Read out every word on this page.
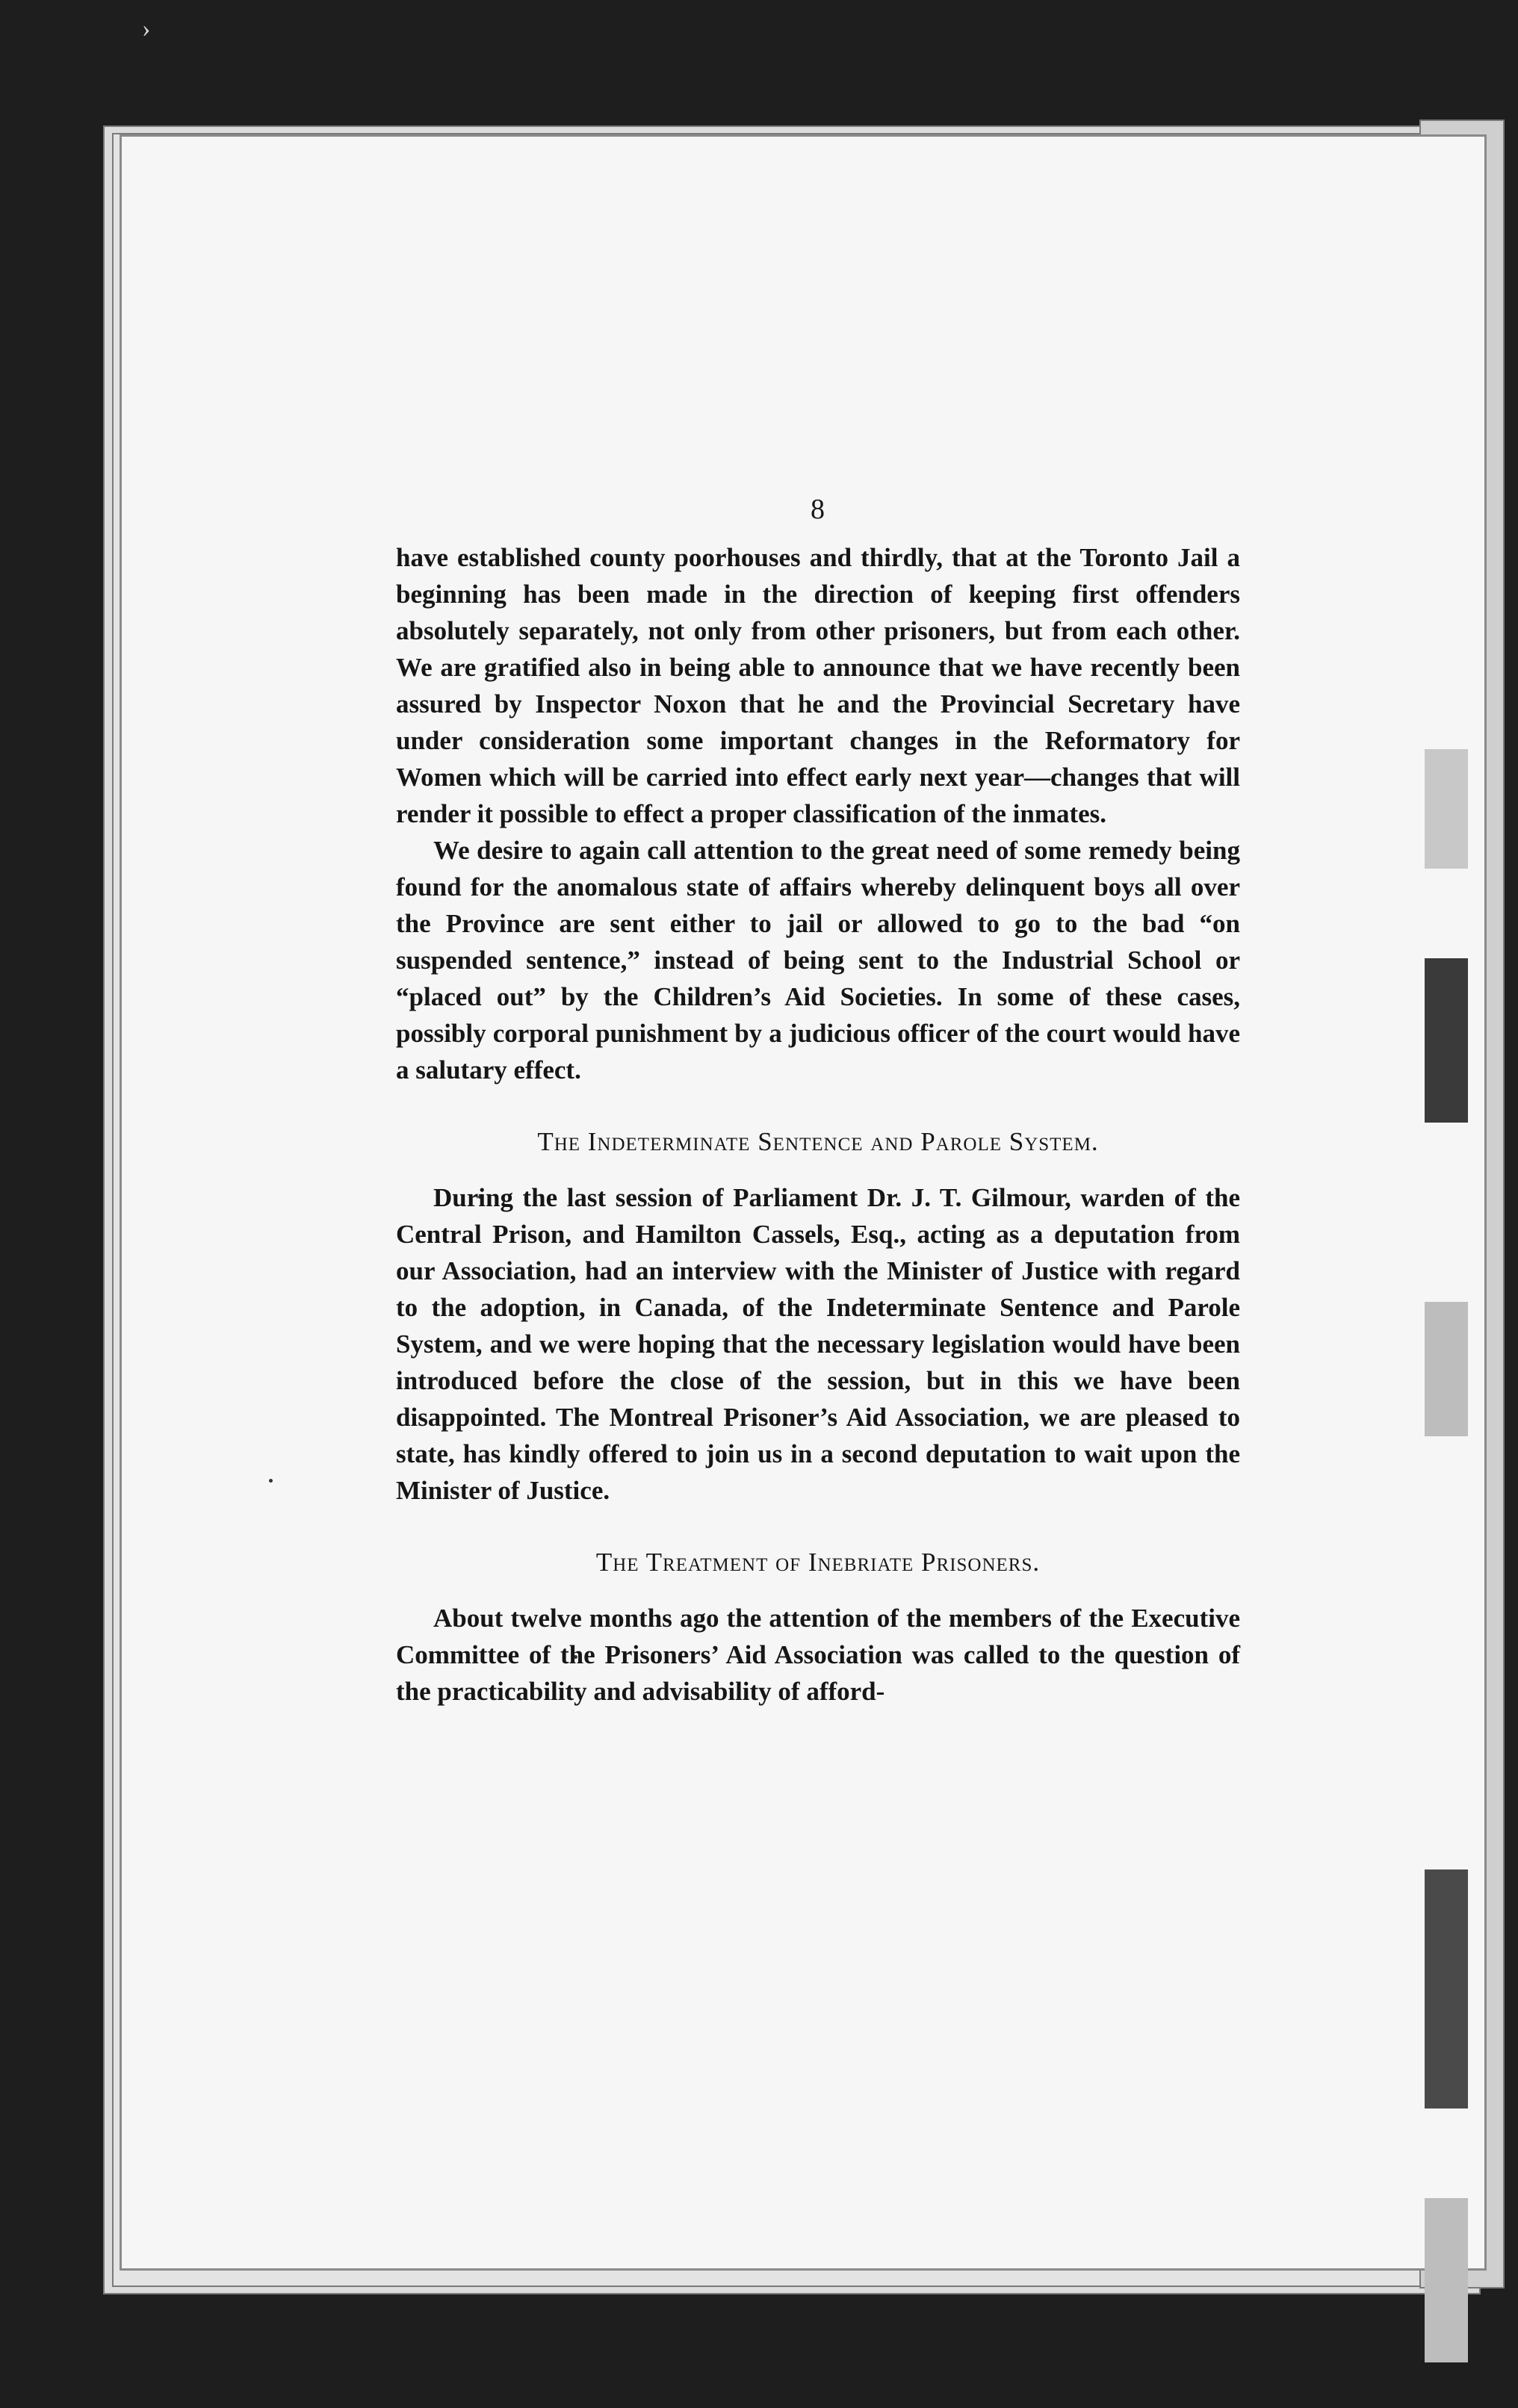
›
8

have established county poorhouses and thirdly, that at the Toronto Jail a beginning has been made in the direction of keeping first offenders absolutely separately, not only from other prisoners, but from each other. We are gratified also in being able to announce that we have recently been assured by Inspector Noxon that he and the Provincial Secretary have under consideration some important changes in the Reformatory for Women which will be carried into effect early next year—changes that will render it possible to effect a proper classification of the inmates.

We desire to again call attention to the great need of some remedy being found for the anomalous state of affairs whereby delinquent boys all over the Province are sent either to jail or allowed to go to the bad “on suspended sentence,” instead of being sent to the Industrial School or “placed out” by the Children’s Aid Societies. In some of these cases, possibly corporal punishment by a judicious officer of the court would have a salutary effect.

The Indeterminate Sentence and Parole System.

During the last session of Parliament Dr. J. T. Gilmour, warden of the Central Prison, and Hamilton Cassels, Esq., acting as a deputation from our Association, had an interview with the Minister of Justice with regard to the adoption, in Canada, of the Indeterminate Sentence and Parole System, and we were hoping that the necessary legislation would have been introduced before the close of the session, but in this we have been disappointed. The Montreal Prisoner’s Aid Association, we are pleased to state, has kindly offered to join us in a second deputation to wait upon the Minister of Justice.

The Treatment of Inebriate Prisoners.

About twelve months ago the attention of the members of the Executive Committee of the Prisoners’ Aid Association was called to the question of the practicability and advisability of afford-
